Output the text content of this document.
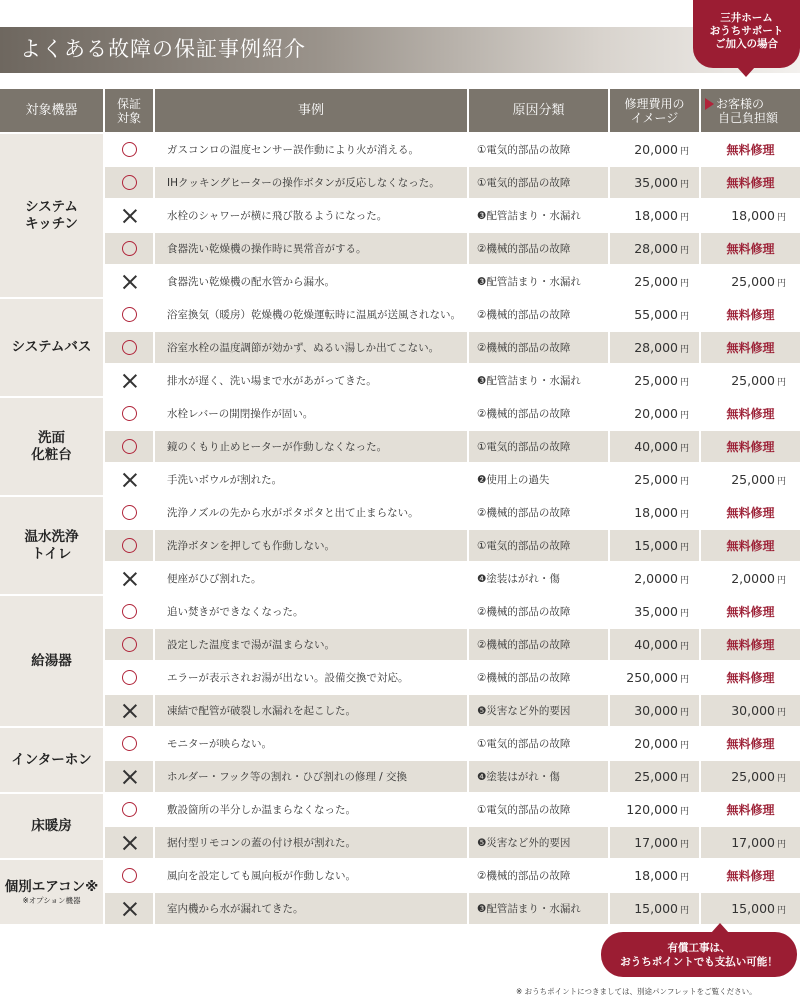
よくある故障の保証事例紹介
三井ホーム
おうちサポート
ご加入の場合
対象機器	保証
対象	事例	原因分類	修理費用の
イメージ	お客様の
自己負担額
システム
キッチン		ガスコンロの温度センサー誤作動により火が消える。	①電気的部品の故障	20,000 円	無料修理
		IHクッキングヒーターの操作ボタンが反応しなくなった。	①電気的部品の故障	35,000 円	無料修理
		水栓のシャワーが横に飛び散るようになった。	❸配管詰まり・水漏れ	18,000 円	18,000 円
		食器洗い乾燥機の操作時に異常音がする。	②機械的部品の故障	28,000 円	無料修理
		食器洗い乾燥機の配水管から漏水。	❸配管詰まり・水漏れ	25,000 円	25,000 円
システムバス		浴室換気（暖房）乾燥機の乾燥運転時に温風が送風されない。	②機械的部品の故障	55,000 円	無料修理
		浴室水栓の温度調節が効かず、ぬるい湯しか出てこない。	②機械的部品の故障	28,000 円	無料修理
		排水が遅く、洗い場まで水があがってきた。	❸配管詰まり・水漏れ	25,000 円	25,000 円
洗面
化粧台		水栓レバーの開閉操作が固い。	②機械的部品の故障	20,000 円	無料修理
		鏡のくもり止めヒーターが作動しなくなった。	①電気的部品の故障	40,000 円	無料修理
		手洗いボウルが割れた。	❷使用上の過失	25,000 円	25,000 円
温水洗浄
トイレ		洗浄ノズルの先から水がポタポタと出て止まらない。	②機械的部品の故障	18,000 円	無料修理
		洗浄ボタンを押しても作動しない。	①電気的部品の故障	15,000 円	無料修理
		便座がひび割れた。	❹塗装はがれ・傷	2,0000 円	2,0000 円
給湯器		追い焚きができなくなった。	②機械的部品の故障	35,000 円	無料修理
		設定した温度まで湯が温まらない。	②機械的部品の故障	40,000 円	無料修理
		エラーが表示されお湯が出ない。設備交換で対応。	②機械的部品の故障	250,000 円	無料修理
		凍結で配管が破裂し水漏れを起こした。	❺災害など外的要因	30,000 円	30,000 円
インターホン		モニターが映らない。	①電気的部品の故障	20,000 円	無料修理
		ホルダー・フック等の割れ・ひび割れの修理 / 交換	❹塗装はがれ・傷	25,000 円	25,000 円
床暖房		敷設箇所の半分しか温まらなくなった。	①電気的部品の故障	120,000 円	無料修理
		据付型リモコンの蓋の付け根が割れた。	❺災害など外的要因	17,000 円	17,000 円
個別エアコン※
※オプション機器		風向を設定しても風向板が作動しない。	②機械的部品の故障	18,000 円	無料修理
		室内機から水が漏れてきた。	❸配管詰まり・水漏れ	15,000 円	15,000 円
有償工事は、
おうちポイントでも支払い可能！
※ おうちポイントにつきましては、別途パンフレットをご覧ください。
